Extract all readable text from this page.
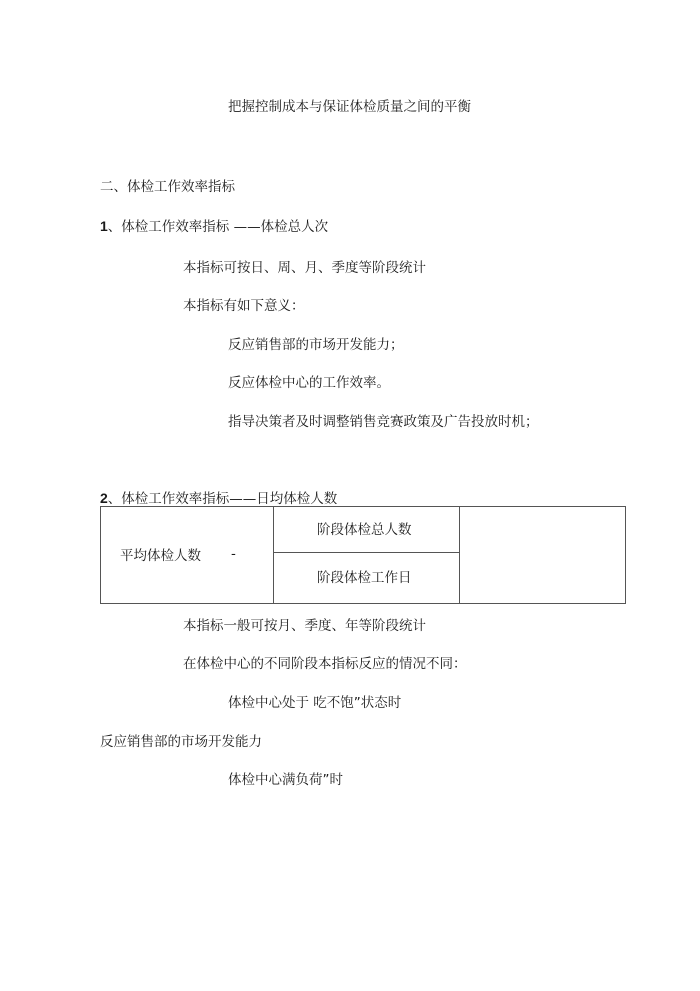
把握控制成本与保证体检质量之间的平衡
二、体检工作效率指标
1、体检工作效率指标 ——体检总人次
本指标可按日、周、月、季度等阶段统计
本指标有如下意义：
反应销售部的市场开发能力；
反应体检中心的工作效率。
指导决策者及时调整销售竞赛政策及广告投放时机；
2、体检工作效率指标——日均体检人数
平均体检人数 -
阶段体检总人数
阶段体检工作日
本指标一般可按月、季度、年等阶段统计
在体检中心的不同阶段本指标反应的情况不同：
体检中心处于 吃不饱”状态时
反应销售部的市场开发能力
体检中心满负荷”时
